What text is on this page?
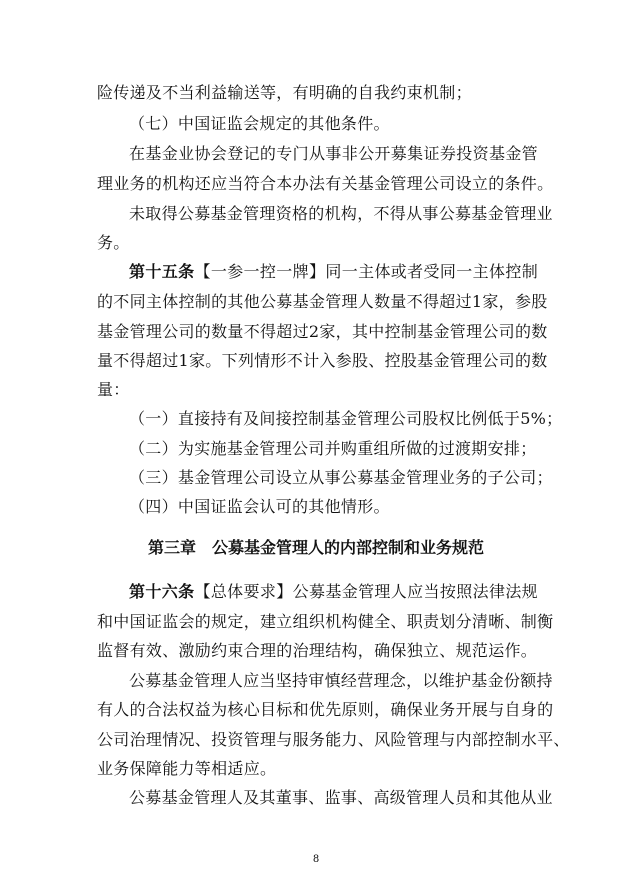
险传递及不当利益输送等，有明确的自我约束机制；
（七）中国证监会规定的其他条件。
在基金业协会登记的专门从事非公开募集证券投资基金管
理业务的机构还应当符合本办法有关基金管理公司设立的条件。
未取得公募基金管理资格的机构，不得从事公募基金管理业
务。
第十五条【一参一控一牌】同一主体或者受同一主体控制
的不同主体控制的其他公募基金管理人数量不得超过1家，参股
基金管理公司的数量不得超过2家，其中控制基金管理公司的数
量不得超过1家。下列情形不计入参股、控股基金管理公司的数
量：
（一）直接持有及间接控制基金管理公司股权比例低于5%；
（二）为实施基金管理公司并购重组所做的过渡期安排；
（三）基金管理公司设立从事公募基金管理业务的子公司；
（四）中国证监会认可的其他情形。
第三章　公募基金管理人的内部控制和业务规范
第十六条【总体要求】公募基金管理人应当按照法律法规
和中国证监会的规定，建立组织机构健全、职责划分清晰、制衡
监督有效、激励约束合理的治理结构，确保独立、规范运作。
公募基金管理人应当坚持审慎经营理念，以维护基金份额持
有人的合法权益为核心目标和优先原则，确保业务开展与自身的
公司治理情况、投资管理与服务能力、风险管理与内部控制水平、
业务保障能力等相适应。
公募基金管理人及其董事、监事、高级管理人员和其他从业
8
